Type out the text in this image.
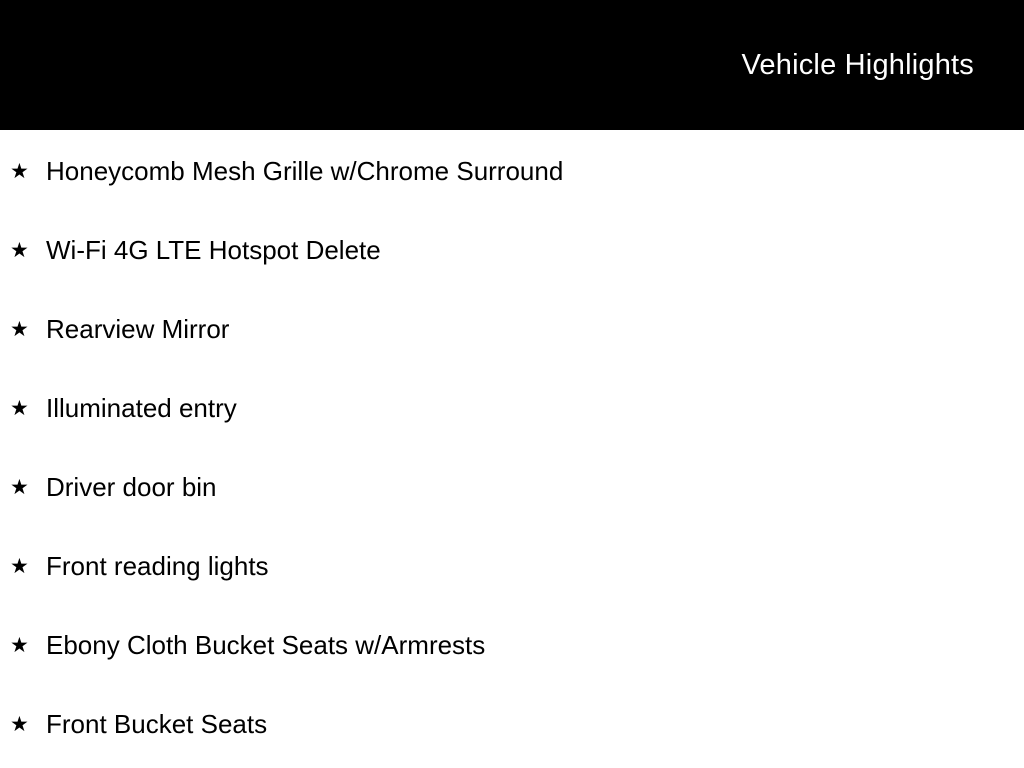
Vehicle Highlights
★ Honeycomb Mesh Grille w/Chrome Surround
★ Wi-Fi 4G LTE Hotspot Delete
★ Rearview Mirror
★ Illuminated entry
★ Driver door bin
★ Front reading lights
★ Ebony Cloth Bucket Seats w/Armrests
★ Front Bucket Seats
